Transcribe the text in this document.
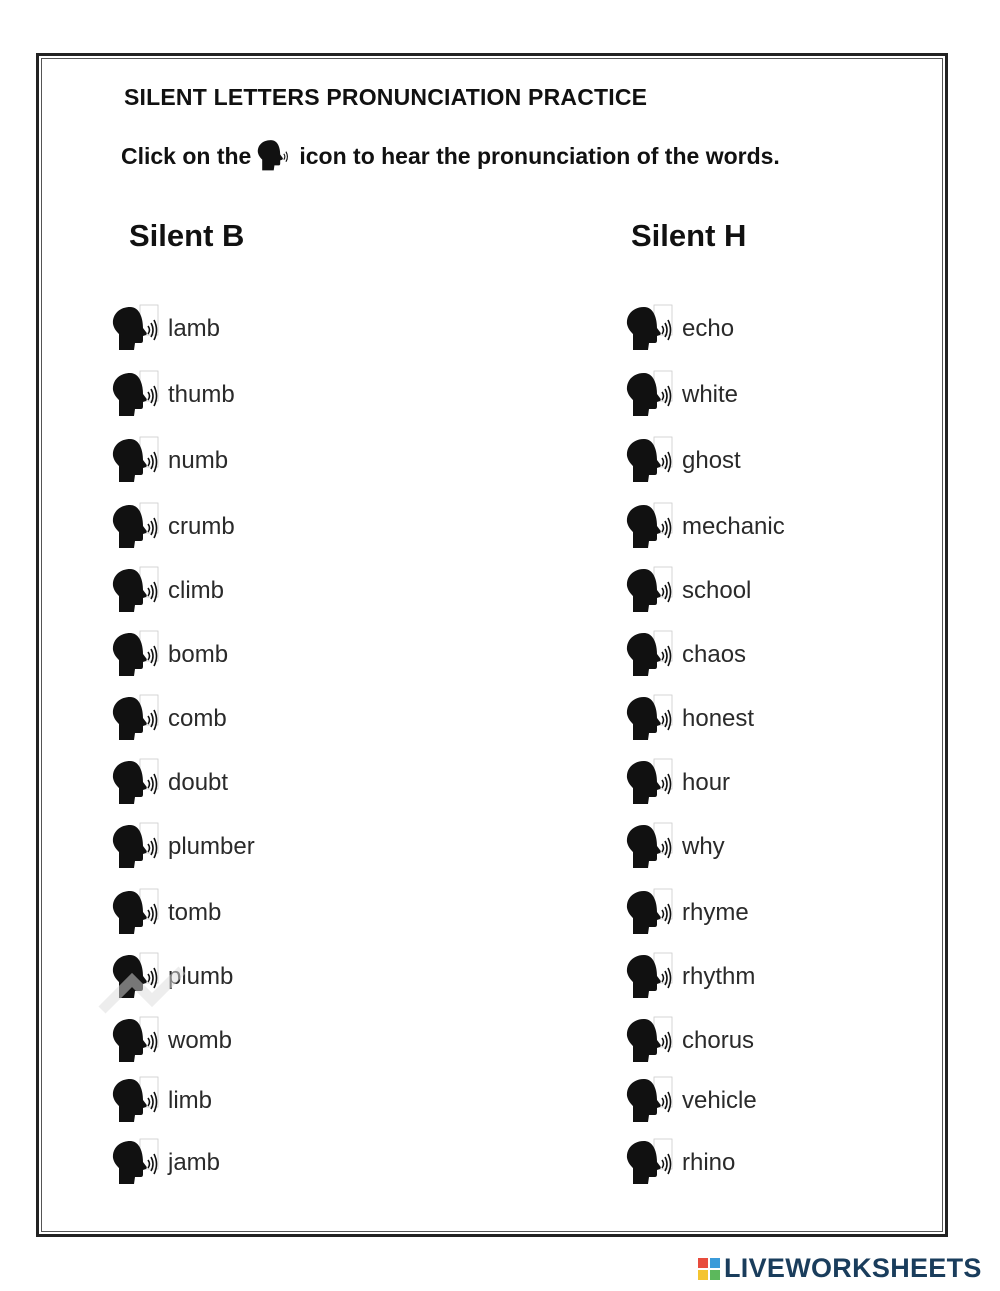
SILENT LETTERS PRONUNCIATION PRACTICE
Click on the icon to hear the pronunciation of the words.
Silent B	Silent H
lamb
thumb
numb
crumb
climb
bomb
comb
doubt
plumber
tomb
plumb
womb
limb
jamb
echo
white
ghost
mechanic
school
chaos
honest
hour
why
rhyme
rhythm
chorus
vehicle
rhino
LIVEWORKSHEETS
